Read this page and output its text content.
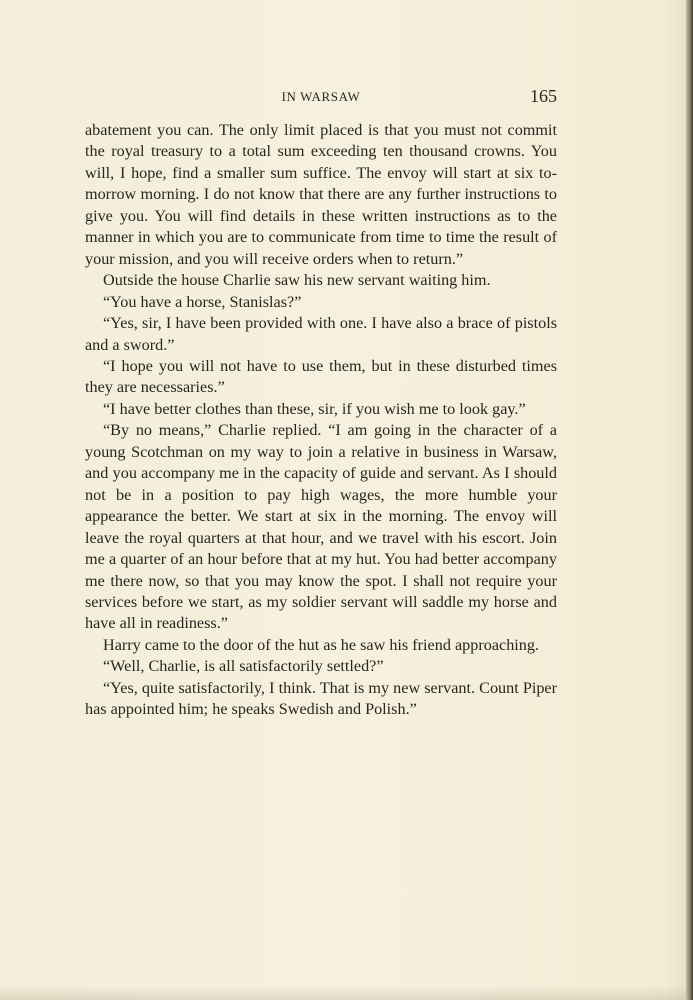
IN WARSAW	165

abatement you can. The only limit placed is that you must not commit the royal treasury to a total sum exceeding ten thousand crowns. You will, I hope, find a smaller sum suffice. The envoy will start at six to-morrow morning. I do not know that there are any further instructions to give you. You will find details in these written instructions as to the manner in which you are to communicate from time to time the result of your mission, and you will receive orders when to return.”

Outside the house Charlie saw his new servant waiting him.

“You have a horse, Stanislas?”

“Yes, sir, I have been provided with one. I have also a brace of pistols and a sword.”

“I hope you will not have to use them, but in these disturbed times they are necessaries.”

“I have better clothes than these, sir, if you wish me to look gay.”

“By no means,” Charlie replied. “I am going in the character of a young Scotchman on my way to join a relative in business in Warsaw, and you accompany me in the capacity of guide and servant. As I should not be in a position to pay high wages, the more humble your appearance the better. We start at six in the morning. The envoy will leave the royal quarters at that hour, and we travel with his escort. Join me a quarter of an hour before that at my hut. You had better accompany me there now, so that you may know the spot. I shall not require your services before we start, as my soldier servant will saddle my horse and have all in readiness.”

Harry came to the door of the hut as he saw his friend approaching.

“Well, Charlie, is all satisfactorily settled?”

“Yes, quite satisfactorily, I think. That is my new servant. Count Piper has appointed him; he speaks Swedish and Polish.”
